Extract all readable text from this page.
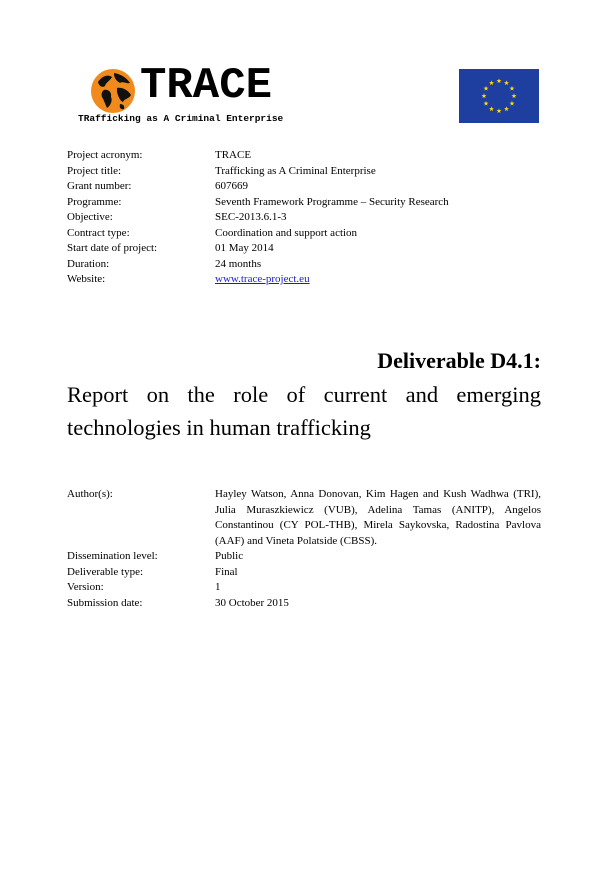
TRACE
TRafficking as A Criminal Enterprise
Project acronym:	TRACE
Project title:	Trafficking as A Criminal Enterprise
Grant number:	607669
Programme:	Seventh Framework Programme – Security Research
Objective:	SEC-2013.6.1-3
Contract type:	Coordination and support action
Start date of project:	01 May 2014
Duration:	24 months
Website:	www.trace-project.eu
Deliverable D4.1:
Report on the role of current and emerging technologies in human trafficking
Author(s):	Hayley Watson, Anna Donovan, Kim Hagen and Kush Wadhwa (TRI), Julia Muraszkiewicz (VUB), Adelina Tamas (ANITP), Angelos Constantinou (CY POL-THB), Mirela Saykovska, Radostina Pavlova (AAF) and Vineta Polatside (CBSS).
Dissemination level:	Public
Deliverable type:	Final
Version:	1
Submission date:	30 October 2015
